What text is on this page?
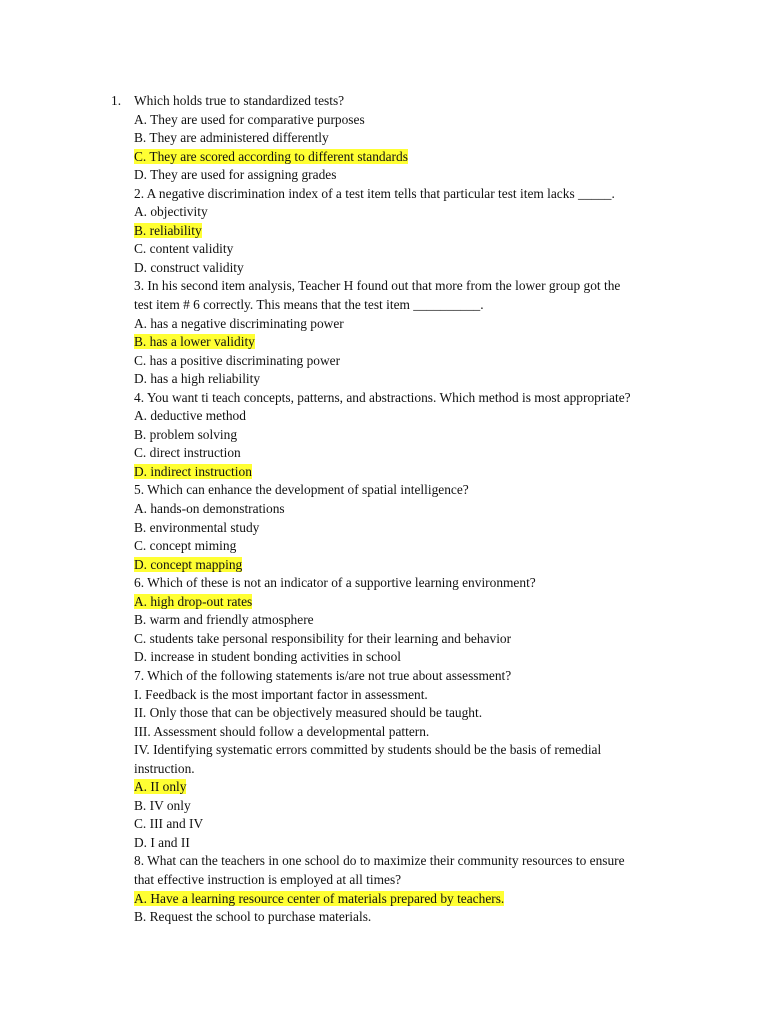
1. Which holds true to standardized tests?
A. They are used for comparative purposes
B. They are administered differently
C. They are scored according to different standards
D. They are used for assigning grades
2. A negative discrimination index of a test item tells that particular test item lacks _____.
A. objectivity
B. reliability
C. content validity
D. construct validity
3. In his second item analysis, Teacher H found out that more from the lower group got the
test item # 6 correctly. This means that the test item __________.
A. has a negative discriminating power
B. has a lower validity
C. has a positive discriminating power
D. has a high reliability
4. You want ti teach concepts, patterns, and abstractions. Which method is most appropriate?
A. deductive method
B. problem solving
C. direct instruction
D. indirect instruction
5. Which can enhance the development of spatial intelligence?
A. hands-on demonstrations
B. environmental study
C. concept miming
D. concept mapping
6. Which of these is not an indicator of a supportive learning environment?
A. high drop-out rates
B. warm and friendly atmosphere
C. students take personal responsibility for their learning and behavior
D. increase in student bonding activities in school
7. Which of the following statements is/are not true about assessment?
I. Feedback is the most important factor in assessment.
II. Only those that can be objectively measured should be taught.
III. Assessment should follow a developmental pattern.
IV. Identifying systematic errors committed by students should be the basis of remedial
instruction.
A. II only
B. IV only
C. III and IV
D. I and II
8. What can the teachers in one school do to maximize their community resources to ensure
that effective instruction is employed at all times?
A. Have a learning resource center of materials prepared by teachers.
B. Request the school to purchase materials.
